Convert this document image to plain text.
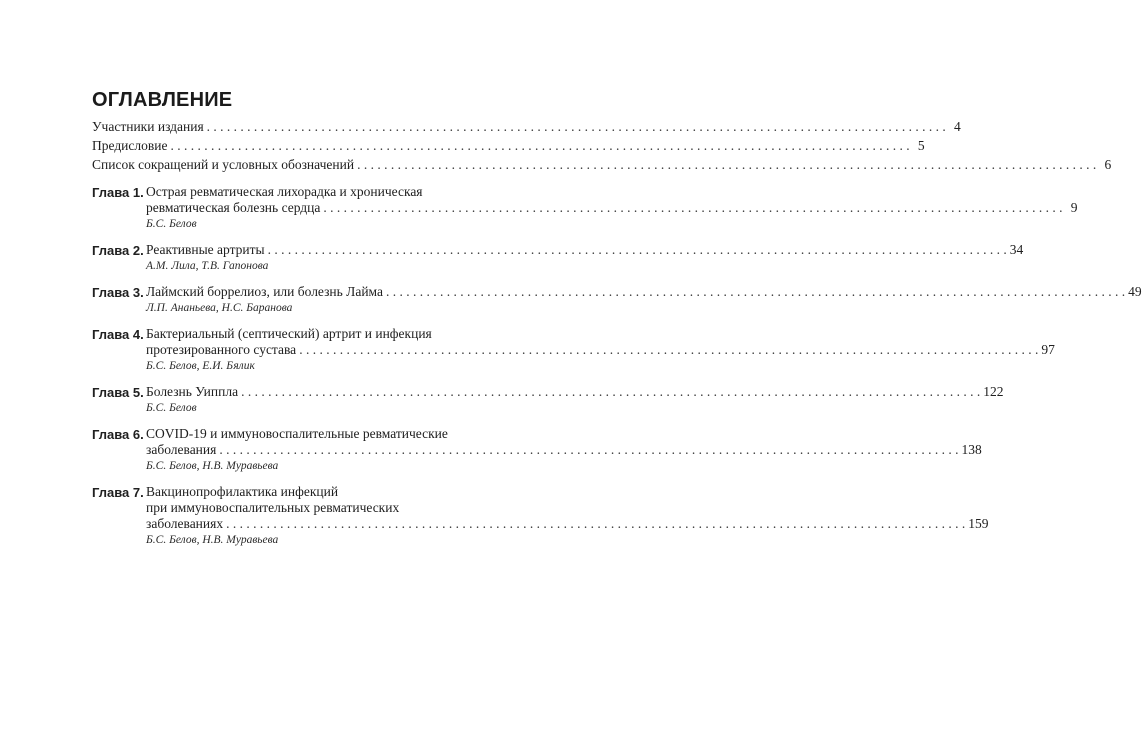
ОГЛАВЛЕНИЕ
Участники издания . . .	4
Предисловие . . .	5
Список сокращений и условных обозначений . . .	6
Глава 1. Острая ревматическая лихорадка и хроническая
ревматическая болезнь сердца . . .	9
Б.С. Белов
Глава 2. Реактивные артриты . . .	34
А.М. Лила, Т.В. Гапонова
Глава 3. Лаймский боррелиоз, или болезнь Лайма . . .	49
Л.П. Ананьева, Н.С. Баранова
Глава 4. Бактериальный (септический) артрит и инфекция
протезированного сустава . . .	97
Б.С. Белов, Е.И. Бялик
Глава 5. Болезнь Уиппла . . .	122
Б.С. Белов
Глава 6. COVID-19 и иммуновоспалительные ревматические
заболевания . . .	138
Б.С. Белов, Н.В. Муравьева
Глава 7. Вакцинопрофилактика инфекций
при иммуновоспалительных ревматических
заболеваниях . . .	159
Б.С. Белов, Н.В. Муравьева
